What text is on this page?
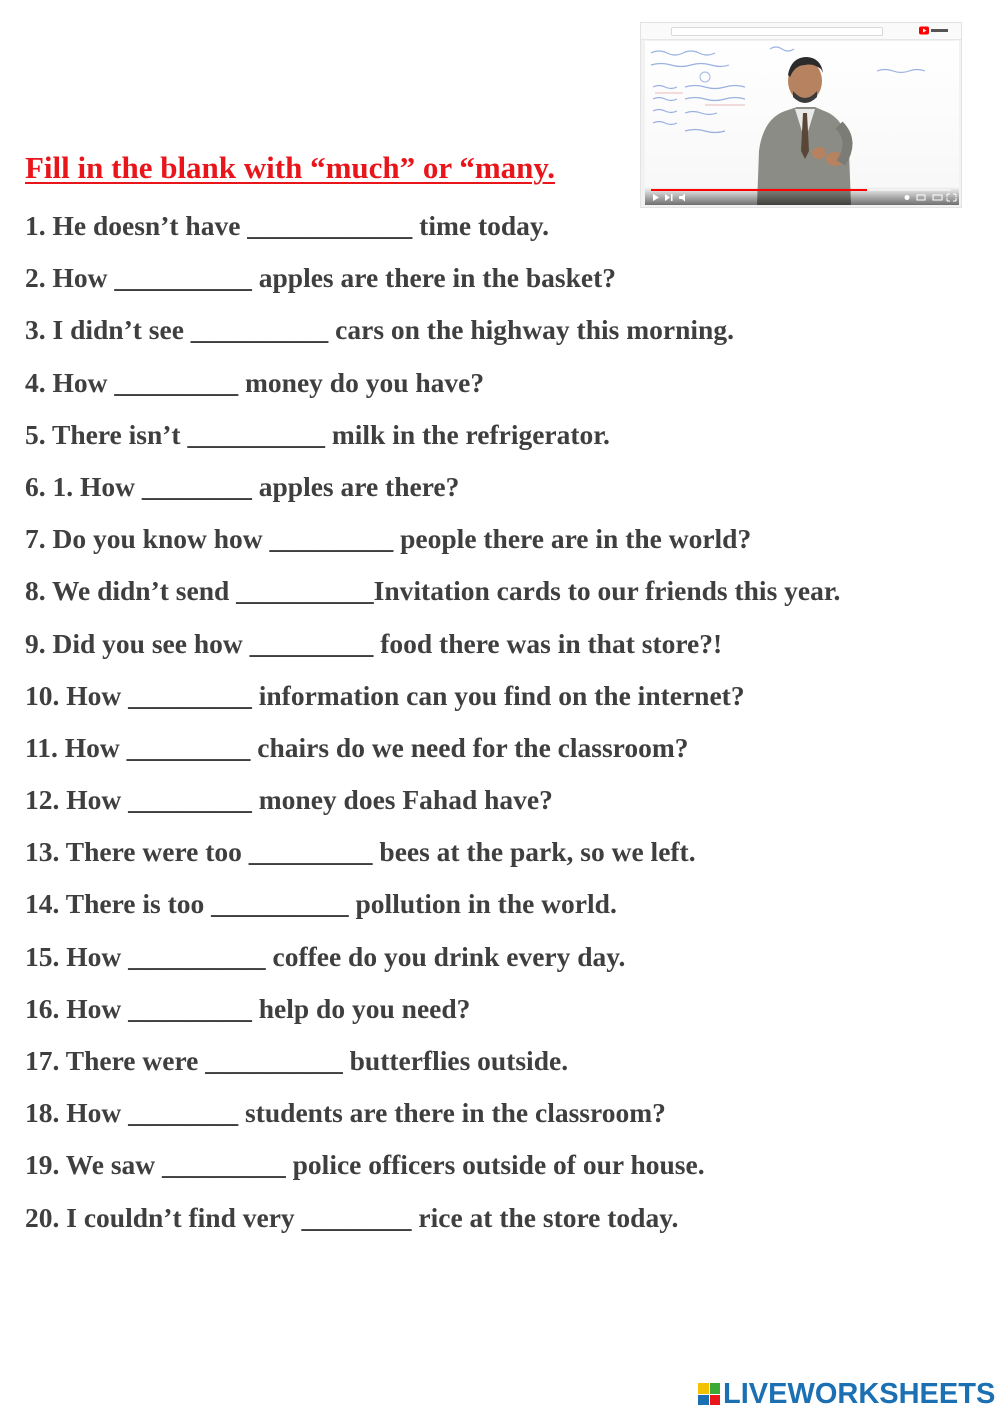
Fill in the blank with “much” or “many.
1. He doesn’t have ____________ time today.
2. How __________ apples are there in the basket?
3. I didn’t see __________ cars on the highway this morning.
4. How _________ money do you have?
5. There isn’t __________ milk in the refrigerator.
6. 1. How ________ apples are there?
7. Do you know how _________ people there are in the world?
8. We didn’t send __________Invitation cards to our friends this year.
9. Did you see how _________ food there was in that store?!
10. How _________ information can you find on the internet?
11. How _________ chairs do we need for the classroom?
12. How _________ money does Fahad have?
13. There were too _________ bees at the park, so we left.
14. There is too __________ pollution in the world.
15. How __________ coffee do you drink every day.
16. How _________ help do you need?
17. There were __________ butterflies outside.
18. How ________ students are there in the classroom?
19. We saw _________ police officers outside of our house.
20. I couldn’t find very ________ rice at the store today.
LIVEWORKSHEETS
